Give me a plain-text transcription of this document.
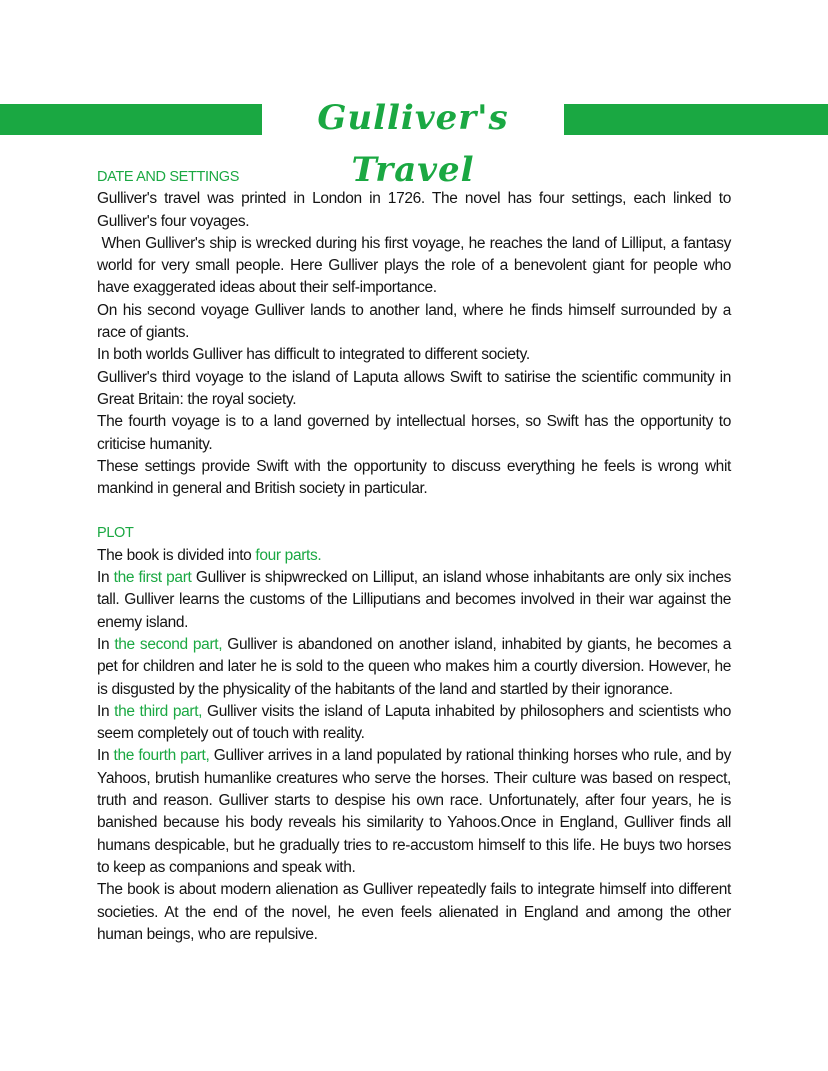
Gulliver's Travel

DATE AND SETTINGS

Gulliver's travel was printed in London in 1726. The novel has four settings, each linked to Gulliver's four voyages.

When Gulliver's ship is wrecked during his first voyage, he reaches the land of Lilliput, a fantasy world for very small people. Here Gulliver plays the role of a benevolent giant for people who have exaggerated ideas about their self-importance.

On his second voyage Gulliver lands to another land, where he finds himself surrounded by a race of giants.

In both worlds Gulliver has difficult to integrated to different society.

Gulliver's third voyage to the island of Laputa allows Swift to satirise the scientific community in Great Britain: the royal society.

The fourth voyage is to a land governed by intellectual horses, so Swift has the opportunity to criticise humanity.

These settings provide Swift with the opportunity to discuss everything he feels is wrong whit mankind in general and British society in particular.

PLOT

The book is divided into four parts.

In the first part Gulliver is shipwrecked on Lilliput, an island whose inhabitants are only six inches tall. Gulliver learns the customs of the Lilliputians and becomes involved in their war against the enemy island.

In the second part, Gulliver is abandoned on another island, inhabited by giants, he becomes a pet for children and later he is sold to the queen who makes him a courtly diversion. However, he is disgusted by the physicality of the habitants of the land and startled by their ignorance.

In the third part, Gulliver visits the island of Laputa inhabited by philosophers and scientists who seem completely out of touch with reality.

In the fourth part, Gulliver arrives in a land populated by rational thinking horses who rule, and by Yahoos, brutish humanlike creatures who serve the horses. Their culture was based on respect, truth and reason. Gulliver starts to despise his own race. Unfortunately, after four years, he is banished because his body reveals his similarity to Yahoos.Once in England, Gulliver finds all humans despicable, but he gradually tries to re-accustom himself to this life. He buys two horses to keep as companions and speak with.

The book is about modern alienation as Gulliver repeatedly fails to integrate himself into different societies. At the end of the novel, he even feels alienated in England and among the other human beings, who are repulsive.
